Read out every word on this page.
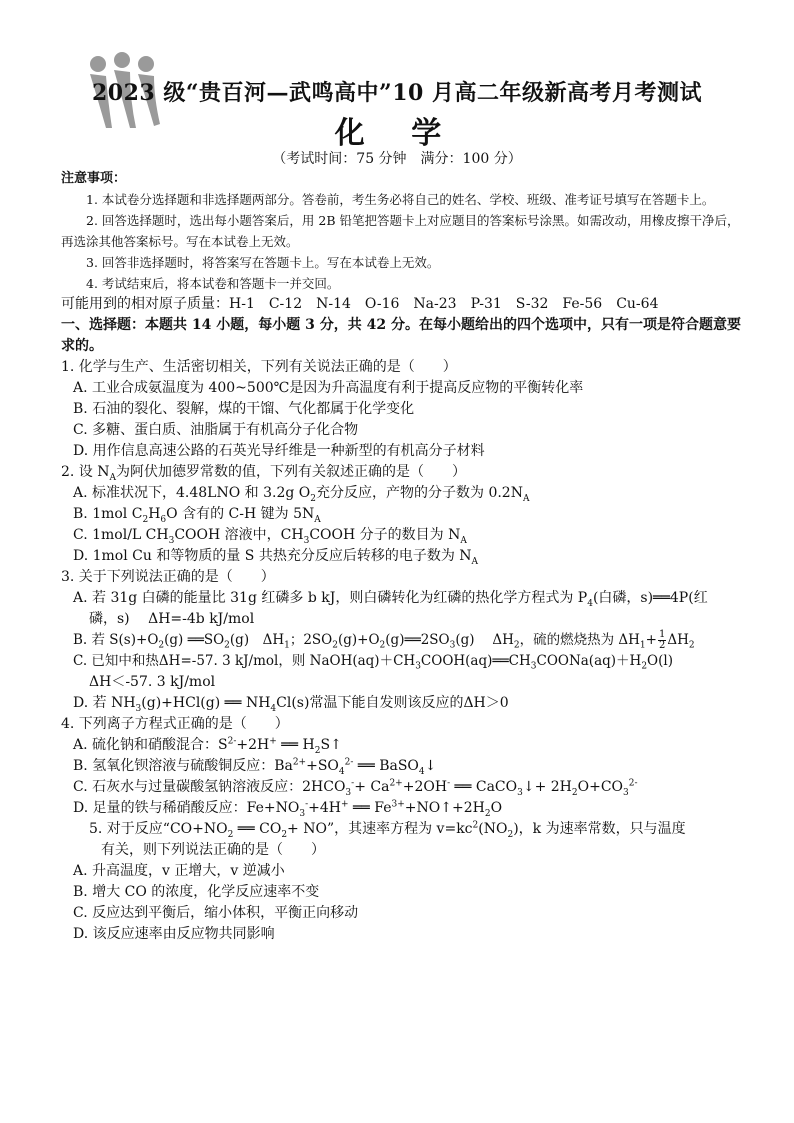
2023 级“贵百河—武鸣高中”10 月高二年级新高考月考测试
化 学
（考试时间：75 分钟　满分：100 分）
注意事项：

1. 本试卷分选择题和非选择题两部分。答卷前，考生务必将自己的姓名、学校、班级、准考证号填写在答题卡上。

2. 回答选择题时，选出每小题答案后，用 2B 铅笔把答题卡上对应题目的答案标号涂黑。如需改动，用橡皮擦干净后，再选涂其他答案标号。写在本试卷上无效。

3. 回答非选择题时，将答案写在答题卡上。写在本试卷上无效。

4. 考试结束后，将本试卷和答题卡一并交回。

可能用到的相对原子质量：H-1　C-12　N-14　O-16　Na-23　P-31　S-32　Fe-56　Cu-64

一、选择题：本题共 14 小题，每小题 3 分，共 42 分。在每小题给出的四个选项中，只有一项是符合题意要求的。

1. 化学与生产、生活密切相关，下列有关说法正确的是（　　）

A. 工业合成氨温度为 400~500℃是因为升高温度有利于提高反应物的平衡转化率

B. 石油的裂化、裂解，煤的干馏、气化都属于化学变化

C. 多糖、蛋白质、油脂属于有机高分子化合物

D. 用作信息高速公路的石英光导纤维是一种新型的有机高分子材料

2. 设 $N_A$为阿伏加德罗常数的值，下列有关叙述正确的是（　　）

A. 标准状况下，4.48LNO 和 3.2g $O_2$充分反应，产物的分子数为 $0.2N_A$

B. 1mol $C_2H_6O$ 含有的 C-H 键为 $5N_A$

C. 1mol/L $CH_3COOH$ 溶液中，$CH_3COOH$ 分子的数目为 $N_A$

D. 1mol Cu 和等物质的量 S 共热充分反应后转移的电子数为 $N_A$

3. 关于下列说法正确的是（　　）

A. 若 31g 白磷的能量比 31g 红磷多 b kJ，则白磷转化为红磷的热化学方程式为 $P_4$(白磷，s)══4P(红

磷，s)　 ΔH=-4b kJ/mol

B. 若 $S(s)+O_2(g)$ $══SO_2(g)$　$\Delta H_1$；$2SO_2(g)+O_2(g)══2SO_3(g)$　 $\Delta H_2$，硫的燃烧热为 $\Delta H_1+ \frac{1}{2} \Delta H_2$

C. 已知中和热ΔH=-57. 3 kJ/mol，则 $NaOH(aq)+CH_3COOH(aq)══CH_3COONa(aq)+H_2O(l)$

ΔH＜-57. 3 kJ/mol

D. 若 $NH_3(g)+HCl(g)$ ══ $NH_4Cl(s)$常温下能自发则该反应的ΔH＞0

4. 下列离子方程式正确的是（　　）

A. 硫化钠和硝酸混合：$S^{2-}+2H^+$ ══ $H_2S↑$

B. 氢氧化钡溶液与硫酸铜反应：$Ba^{2+}+SO_4^{2-}$ ══ BaSO$_4$↓

C. 石灰水与过量碳酸氢钠溶液反应：$2HCO_3^-+ Ca^{2+}+2OH^-$ ══ CaCO$_3$↓+ $2H_2O+CO_3^{2-}$

D. 足量的铁与稀硝酸反应：$Fe+NO_3^-+4H^+$ ══ $Fe^{3+}+NO↑+2H_2O$

5. 对于反应“$CO+NO_2$ ══ $CO_2+$ NO”，其速率方程为 $v=kc^2(NO_2)$，k 为速率常数，只与温度

有关，则下列说法正确的是（　　）

A. 升高温度，v 正增大，v 逆减小

B. 增大 CO 的浓度，化学反应速率不变

C. 反应达到平衡后，缩小体积，平衡正向移动

D. 该反应速率由反应物共同影响
